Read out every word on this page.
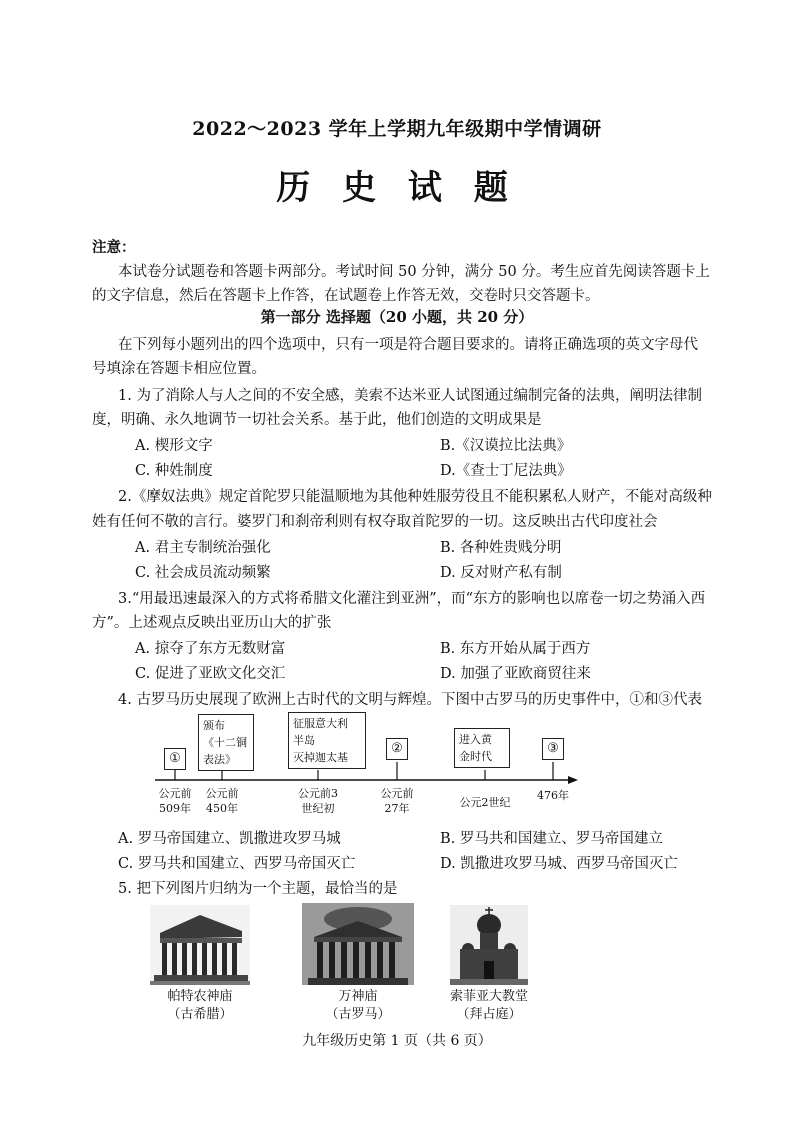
2022～2023 学年上学期九年级期中学情调研
历 史 试 题
注意：
本试卷分试题卷和答题卡两部分。考试时间 50 分钟，满分 50 分。考生应首先阅读答题卡上
的文字信息，然后在答题卡上作答，在试题卷上作答无效，交卷时只交答题卡。
第一部分 选择题（20 小题，共 20 分）
在下列每小题列出的四个选项中，只有一项是符合题目要求的。请将正确选项的英文字母代
号填涂在答题卡相应位置。
1. 为了消除人与人之间的不安全感，美索不达米亚人试图通过编制完备的法典，阐明法律制
度，明确、永久地调节一切社会关系。基于此，他们创造的文明成果是
A. 楔形文字	B.《汉谟拉比法典》
C. 种姓制度	D.《查士丁尼法典》
2.《摩奴法典》规定首陀罗只能温顺地为其他种姓服劳役且不能积累私人财产，不能对高级种
姓有任何不敬的言行。婆罗门和刹帝利则有权夺取首陀罗的一切。这反映出古代印度社会
A. 君主专制统治强化	B. 各种姓贵贱分明
C. 社会成员流动频繁	D. 反对财产私有制
3.“用最迅速最深入的方式将希腊文化灌注到亚洲”，而“东方的影响也以席卷一切之势涌入西
方”。上述观点反映出亚历山大的扩张
A. 掠夺了东方无数财富	B. 东方开始从属于西方
C. 促进了亚欧文化交汇	D. 加强了亚欧商贸往来
4. 古罗马历史展现了欧洲上古时代的文明与辉煌。下图中古罗马的历史事件中，①和③代表
①
颁布
《十二铜
表法》
征服意大利
半岛
灭掉迦太基
②
进入黄
金时代
③
公元前
509年
公元前
450年
公元前3
世纪初
公元前
27年	公元2世纪
476年
A. 罗马帝国建立、凯撒进攻罗马城	B. 罗马共和国建立、罗马帝国建立
C. 罗马共和国建立、西罗马帝国灭亡	D. 凯撒进攻罗马城、西罗马帝国灭亡
5. 把下列图片归纳为一个主题，最恰当的是
帕特农神庙
（古希腊）
万神庙
（古罗马）
索菲亚大教堂
（拜占庭）
九年级历史第 1 页（共 6 页）
